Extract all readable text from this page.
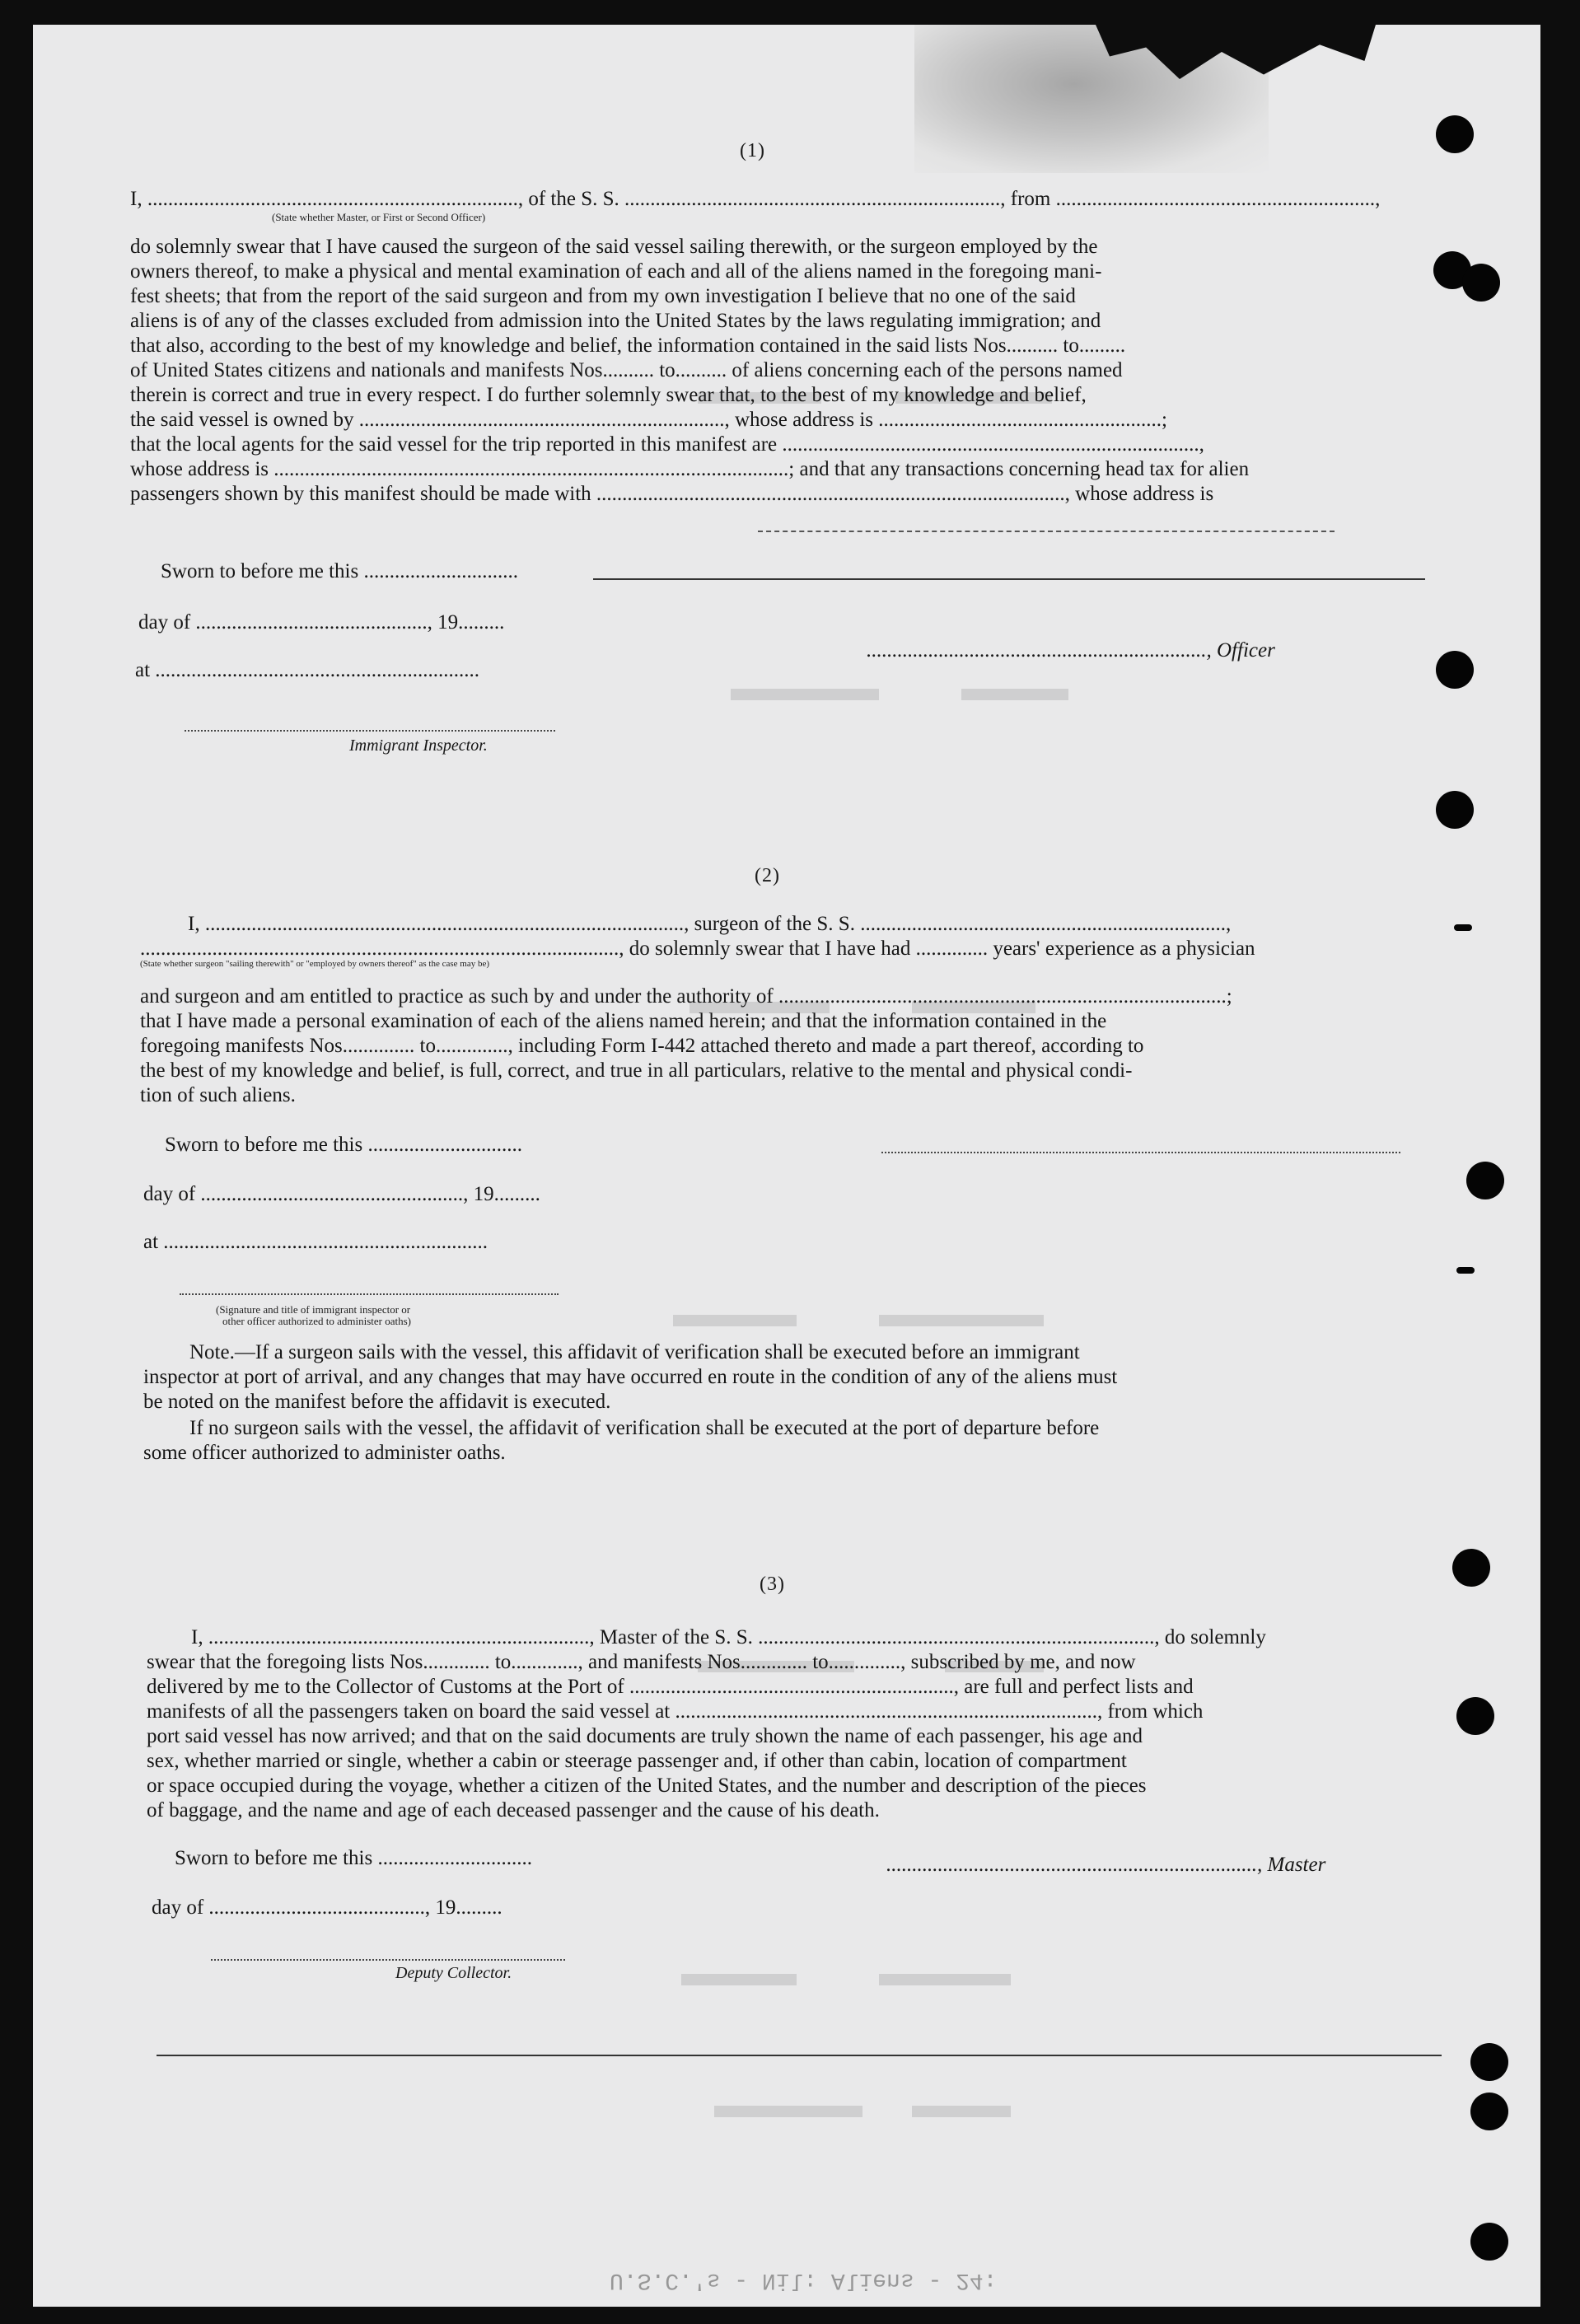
(1)
I, ........................................................................, of the S. S. ........................................................................., from ..............................................................,
(State whether Master, or First or Second Officer)
do solemnly swear that I have caused the surgeon of the said vessel sailing therewith, or the surgeon employed by the
owners thereof, to make a physical and mental examination of each and all of the aliens named in the foregoing mani-
fest sheets; that from the report of the said surgeon and from my own investigation I believe that no one of the said
aliens is of any of the classes excluded from admission into the United States by the laws regulating immigration; and
that also, according to the best of my knowledge and belief, the information contained in the said lists Nos.......... to.........
of United States citizens and nationals and manifests Nos.......... to.......... of aliens concerning each of the persons named
therein is correct and true in every respect. I do further solemnly swear that, to the best of my knowledge and belief,
the said vessel is owned by ......................................................................., whose address is .......................................................;
that the local agents for the said vessel for the trip reported in this manifest are .................................................................................,
whose address is ....................................................................................................; and that any transactions concerning head tax for alien
passengers shown by this manifest should be made with ..........................................................................................., whose address is
Sworn to before me this ..............................
day of ............................................., 19.........
.................................................................., Officer
at ...............................................................
Immigrant Inspector.
(2)
I, ............................................................................................., surgeon of the S. S. .......................................................................,
............................................................................................., do solemnly swear that I have had .............. years' experience as a physician
(State whether surgeon "sailing therewith" or "employed by owners thereof" as the case may be)
and surgeon and am entitled to practice as such by and under the authority of .......................................................................................;
that I have made a personal examination of each of the aliens named herein; and that the information contained in the
foregoing manifests Nos.............. to.............., including Form I-442 attached thereto and made a part thereof, according to
the best of my knowledge and belief, is full, correct, and true in all particulars, relative to the mental and physical condi-
tion of such aliens.
Sworn to before me this ..............................
day of ..................................................., 19.........
at ...............................................................
(Signature and title of immigrant inspector or
other officer authorized to administer oaths)
Note.—If a surgeon sails with the vessel, this affidavit of verification shall be executed before an immigrant
inspector at port of arrival, and any changes that may have occurred en route in the condition of any of the aliens must
be noted on the manifest before the affidavit is executed.
If no surgeon sails with the vessel, the affidavit of verification shall be executed at the port of departure before
some officer authorized to administer oaths.
(3)
I, .........................................................................., Master of the S. S. ............................................................................., do solemnly
swear that the foregoing lists Nos............. to............., and manifests Nos............. to.............., subscribed by me, and now
delivered by me to the Collector of Customs at the Port of ..............................................................., are full and perfect lists and
manifests of all the passengers taken on board the said vessel at .................................................................................., from which
port said vessel has now arrived; and that on the said documents are truly shown the name of each passenger, his age and
sex, whether married or single, whether a cabin or steerage passenger and, if other than cabin, location of compartment
or space occupied during the voyage, whether a citizen of the United States, and the number and description of the pieces
of baggage, and the name and age of each deceased passenger and the cause of his death.
Sworn to before me this ..............................	........................................................................, Master
day of .........................................., 19.........
Deputy Collector.
U.S.C.'s - Nil: Aliens - 24:
